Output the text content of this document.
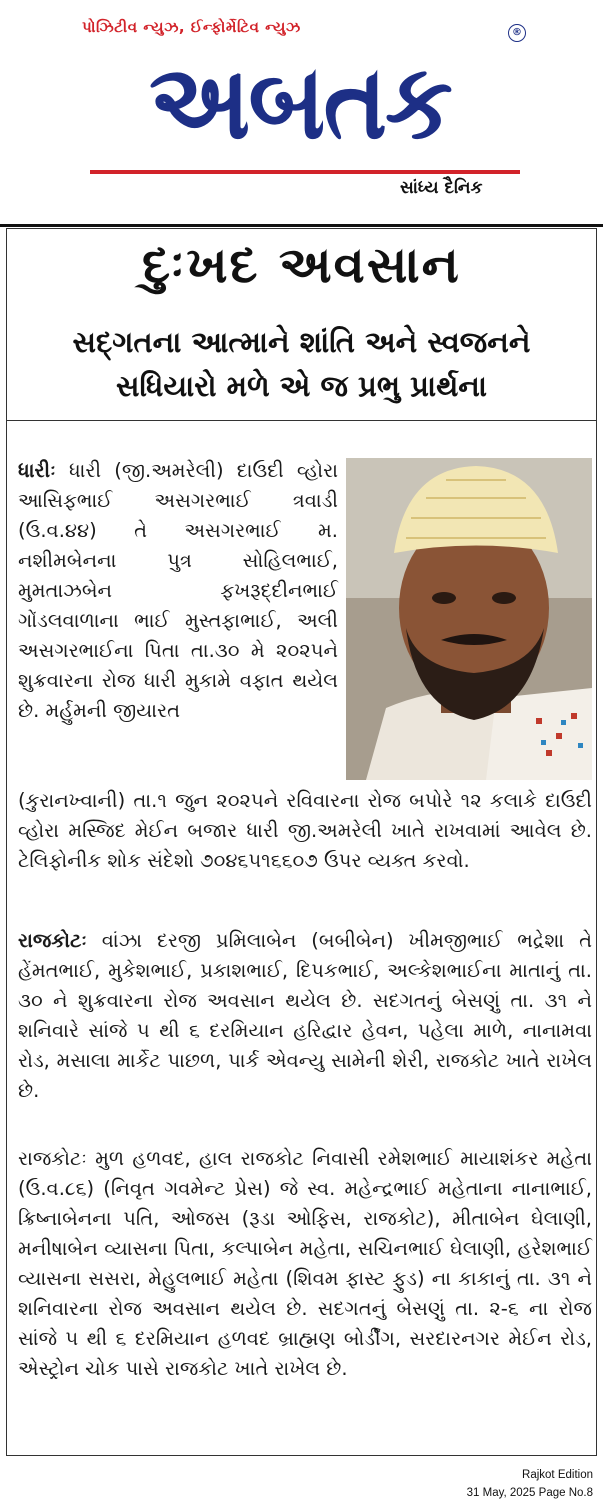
પોઝિટીવ ન્યુઝ, ઈન્ફોર્મેટિવ ન્યુઝ	®
અબતક
સાંધ્ય દૈનિક
દુઃખદ અવસાન
સદ્ગતના આત્માને શાંતિ અને સ્વજનને
સધિયારો મળે એ જ પ્રભુ પ્રાર્થના
ધારીઃ ધારી (જી.અમરેલી) દાઉદી વ્હોરા આસિફભાઈ અસગરભાઈ ત્રવાડી (ઉ.વ.૪૪) તે અસગરભાઈ મ. નશીમબેનના પુત્ર સોહિલભાઈ, મુમતાઝબેન ફખરૂદ્દીનભાઈ ગોંડલવાળાના ભાઈ મુસ્તફાભાઈ, અલી અસગરભાઈના પિતા તા.૩૦ મે ૨૦૨૫ને શુક્રવારના રોજ ધારી મુકામે વફાત થયેલ છે. મર્હુમની જીયારત
(કુરાનખ્વાની) તા.૧ જુન ૨૦૨૫ને રવિવારના રોજ બપોરે ૧૨ કલાકે દાઉદી વ્હોરા મસ્જિદ મેઈન બજાર ધારી જી.અમરેલી ખાતે રાખવામાં આવેલ છે. ટેલિફોનીક શોક સંદેશો ૭૦૪૬૫૧૬૬૦૭ ઉપર વ્યક્ત કરવો.
રાજકોટઃ વાંઝા દરજી પ્રમિલાબેન (બબીબેન) ખીમજીભાઈ ભદ્રેશા તે હેંમતભાઈ, મુકેશભાઈ, પ્રકાશભાઈ, દિપકભાઈ, અલ્કેશભાઈના માતાનું તા. ૩૦ ને શુક્રવારના રોજ અવસાન થયેલ છે. સદગતનું બેસણું તા. ૩૧ ને શનિવારે સાંજે ૫ થી ૬ દરમિયાન હરિદ્વાર હેવન, પહેલા માળે, નાનામવા રોડ, મસાલા માર્કેટ પાછળ, પાર્ક એવન્યુ સામેની શેરી, રાજકોટ ખાતે રાખેલ છે.
રાજકોટઃ મુળ હળવદ, હાલ રાજકોટ નિવાસી રમેશભાઈ માયાશંકર મહેતા (ઉ.વ.૮૬) (નિવૃત ગવમેન્ટ પ્રેસ) જે સ્વ. મહેન્દ્રભાઈ મહેતાના નાનાભાઈ, ક્રિષ્નાબેનના પતિ, ઓજસ (રૂડા ઓફિસ, રાજકોટ), મીતાબેન ઘેલાણી, મનીષાબેન વ્યાસના પિતા, કલ્પાબેન મહેતા, સચિનભાઈ ઘેલાણી, હરેશભાઈ વ્યાસના સસરા, મેહુલભાઈ મહેતા (શિવમ ફાસ્ટ ફુડ) ના કાકાનું તા. ૩૧ ને શનિવારના રોજ અવસાન થયેલ છે. સદગતનું બેસણું તા. ૨-૬ ના રોજ સાંજે ૫ થી ૬ દરમિયાન હળવદ બ્રાહ્મણ બોર્ડીંગ, સરદારનગર મેઈન રોડ, એસ્ટ્રોન ચોક પાસે રાજકોટ ખાતે રાખેલ છે.
Rajkot Edition
31 May, 2025 Page No.8
